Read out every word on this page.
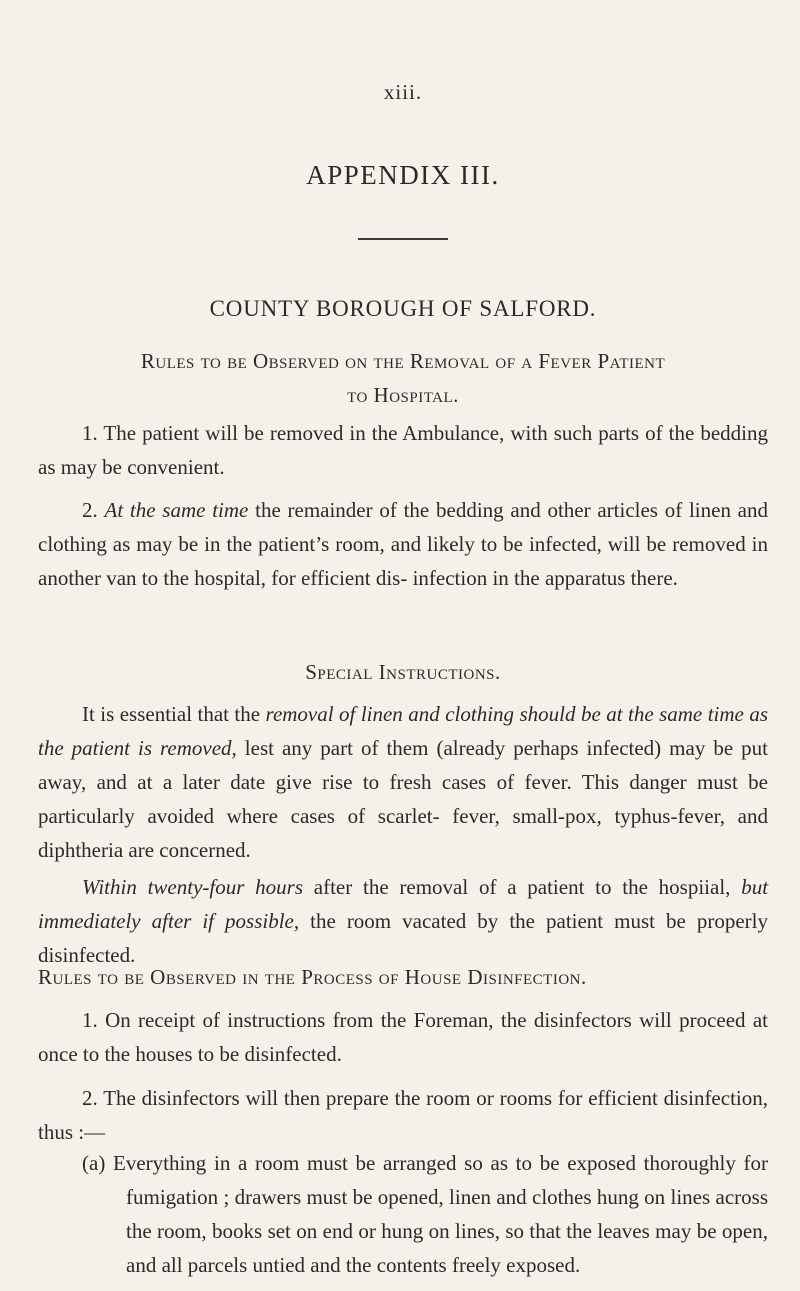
xiii.
APPENDIX III.
COUNTY BOROUGH OF SALFORD.
Rules to be Observed on the Removal of a Fever Patient
to Hospital.

1. The patient will be removed in the Ambulance, with such parts of the bedding as may be convenient.

2. At the same time the remainder of the bedding and other articles of linen and clothing as may be in the patient’s room, and likely to be infected, will be removed in another van to the hospital, for efficient dis- infection in the apparatus there.

Special Instructions.

It is essential that the removal of linen and clothing should be at the same time as the patient is removed, lest any part of them (already perhaps infected) may be put away, and at a later date give rise to fresh cases of fever. This danger must be particularly avoided where cases of scarlet- fever, small-pox, typhus-fever, and diphtheria are concerned.

Within twenty-four hours after the removal of a patient to the hospiial, but immediately after if possible, the room vacated by the patient must be properly disinfected.

Rules to be Observed in the Process of House Disinfection.

1. On receipt of instructions from the Foreman, the disinfectors will proceed at once to the houses to be disinfected.

2. The disinfectors will then prepare the room or rooms for efficient disinfection, thus :—

(a) Everything in a room must be arranged so as to be exposed thoroughly for fumigation ; drawers must be opened, linen and clothes hung on lines across the room, books set on end or hung on lines, so that the leaves may be open, and all parcels untied and the contents freely exposed.
